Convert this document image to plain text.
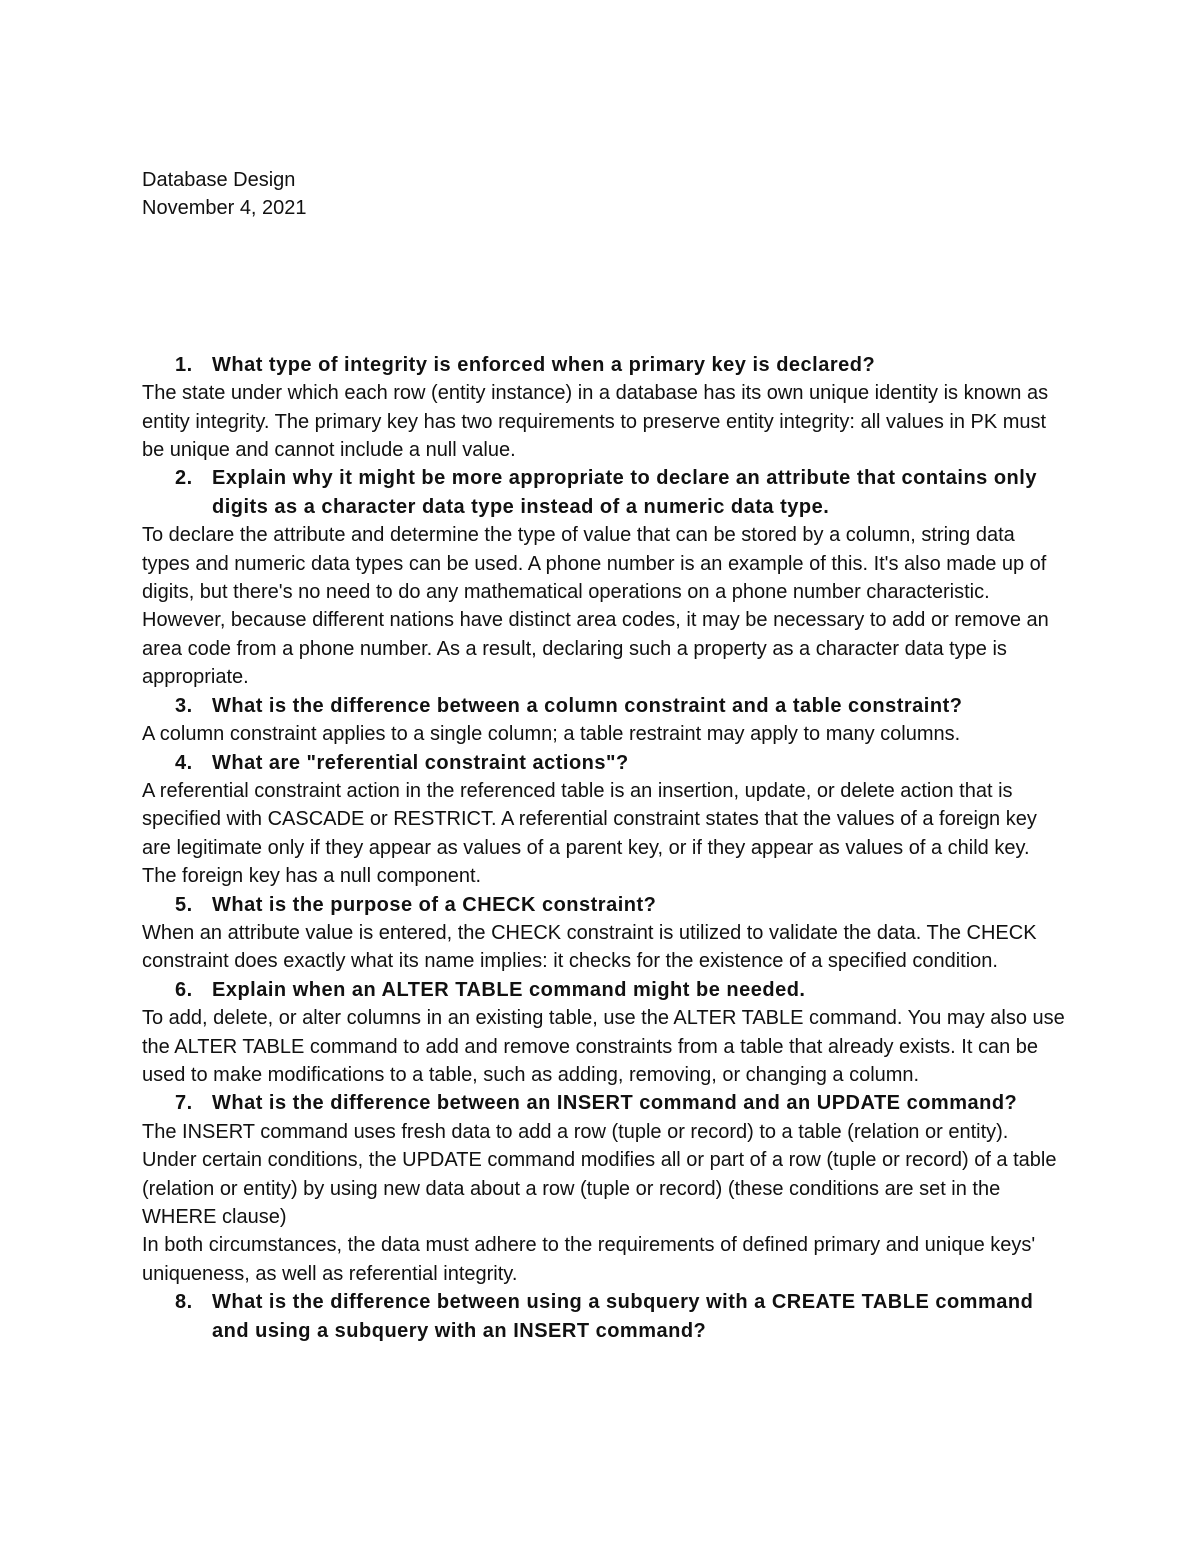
Database Design

November 4, 2021

1. What type of integrity is enforced when a primary key is declared?

The state under which each row (entity instance) in a database has its own unique identity is known as entity integrity. The primary key has two requirements to preserve entity integrity: all values in PK must be unique and cannot include a null value.

2. Explain why it might be more appropriate to declare an attribute that contains only digits as a character data type instead of a numeric data type.

To declare the attribute and determine the type of value that can be stored by a column, string data types and numeric data types can be used. A phone number is an example of this. It's also made up of digits, but there's no need to do any mathematical operations on a phone number characteristic. However, because different nations have distinct area codes, it may be necessary to add or remove an area code from a phone number. As a result, declaring such a property as a character data type is appropriate.

3. What is the difference between a column constraint and a table constraint?

A column constraint applies to a single column; a table restraint may apply to many columns.

4. What are "referential constraint actions"?

A referential constraint action in the referenced table is an insertion, update, or delete action that is specified with CASCADE or RESTRICT. A referential constraint states that the values of a foreign key are legitimate only if they appear as values of a parent key, or if they appear as values of a child key. The foreign key has a null component.

5. What is the purpose of a CHECK constraint?

When an attribute value is entered, the CHECK constraint is utilized to validate the data. The CHECK constraint does exactly what its name implies: it checks for the existence of a specified condition.

6. Explain when an ALTER TABLE command might be needed.

To add, delete, or alter columns in an existing table, use the ALTER TABLE command. You may also use the ALTER TABLE command to add and remove constraints from a table that already exists. It can be used to make modifications to a table, such as adding, removing, or changing a column.

7. What is the difference between an INSERT command and an UPDATE command?

The INSERT command uses fresh data to add a row (tuple or record) to a table (relation or entity).

Under certain conditions, the UPDATE command modifies all or part of a row (tuple or record) of a table (relation or entity) by using new data about a row (tuple or record) (these conditions are set in the WHERE clause)

In both circumstances, the data must adhere to the requirements of defined primary and unique keys' uniqueness, as well as referential integrity.

8. What is the difference between using a subquery with a CREATE TABLE command and using a subquery with an INSERT command?
